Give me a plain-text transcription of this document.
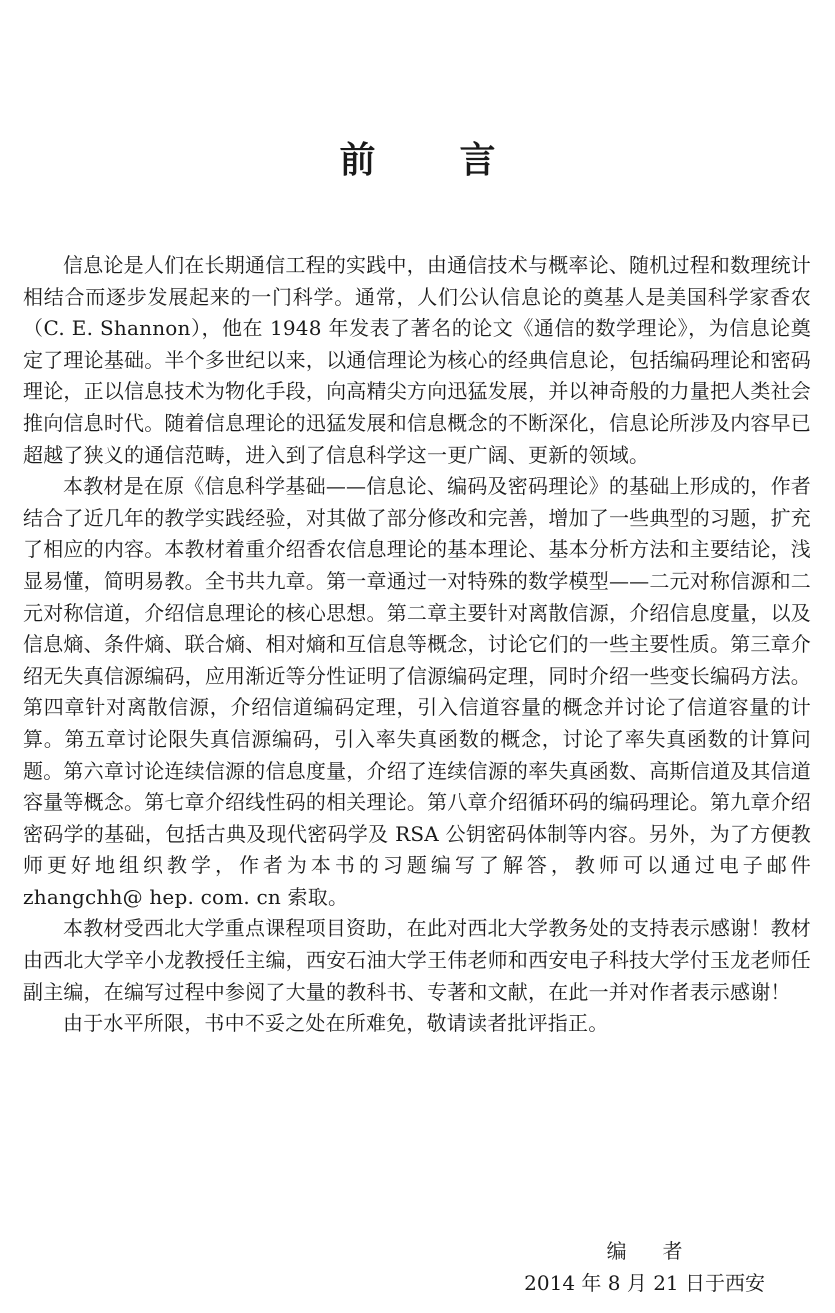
前言

信息论是人们在长期通信工程的实践中，由通信技术与概率论、随机过程和数理统计相结合而逐步发展起来的一门科学。通常，人们公认信息论的奠基人是美国科学家香农（C. E. Shannon），他在 1948 年发表了著名的论文《通信的数学理论》，为信息论奠定了理论基础。半个多世纪以来，以通信理论为核心的经典信息论，包括编码理论和密码理论，正以信息技术为物化手段，向高精尖方向迅猛发展，并以神奇般的力量把人类社会推向信息时代。随着信息理论的迅猛发展和信息概念的不断深化，信息论所涉及内容早已超越了狭义的通信范畴，进入到了信息科学这一更广阔、更新的领域。

本教材是在原《信息科学基础——信息论、编码及密码理论》的基础上形成的，作者结合了近几年的教学实践经验，对其做了部分修改和完善，增加了一些典型的习题，扩充了相应的内容。本教材着重介绍香农信息理论的基本理论、基本分析方法和主要结论，浅显易懂，简明易教。全书共九章。第一章通过一对特殊的数学模型——二元对称信源和二元对称信道，介绍信息理论的核心思想。第二章主要针对离散信源，介绍信息度量，以及信息熵、条件熵、联合熵、相对熵和互信息等概念，讨论它们的一些主要性质。第三章介绍无失真信源编码，应用渐近等分性证明了信源编码定理，同时介绍一些变长编码方法。第四章针对离散信源，介绍信道编码定理，引入信道容量的概念并讨论了信道容量的计算。第五章讨论限失真信源编码，引入率失真函数的概念，讨论了率失真函数的计算问题。第六章讨论连续信源的信息度量，介绍了连续信源的率失真函数、高斯信道及其信道容量等概念。第七章介绍线性码的相关理论。第八章介绍循环码的编码理论。第九章介绍密码学的基础，包括古典及现代密码学及 RSA 公钥密码体制等内容。另外，为了方便教师更好地组织教学，作者为本书的习题编写了解答，教师可以通过电子邮件 zhangchh@ hep. com. cn 索取。

本教材受西北大学重点课程项目资助，在此对西北大学教务处的支持表示感谢！教材由西北大学辛小龙教授任主编，西安石油大学王伟老师和西安电子科技大学付玉龙老师任副主编，在编写过程中参阅了大量的教科书、专著和文献，在此一并对作者表示感谢！

由于水平所限，书中不妥之处在所难免，敬请读者批评指正。

编者
2014 年 8 月 21 日于西安
